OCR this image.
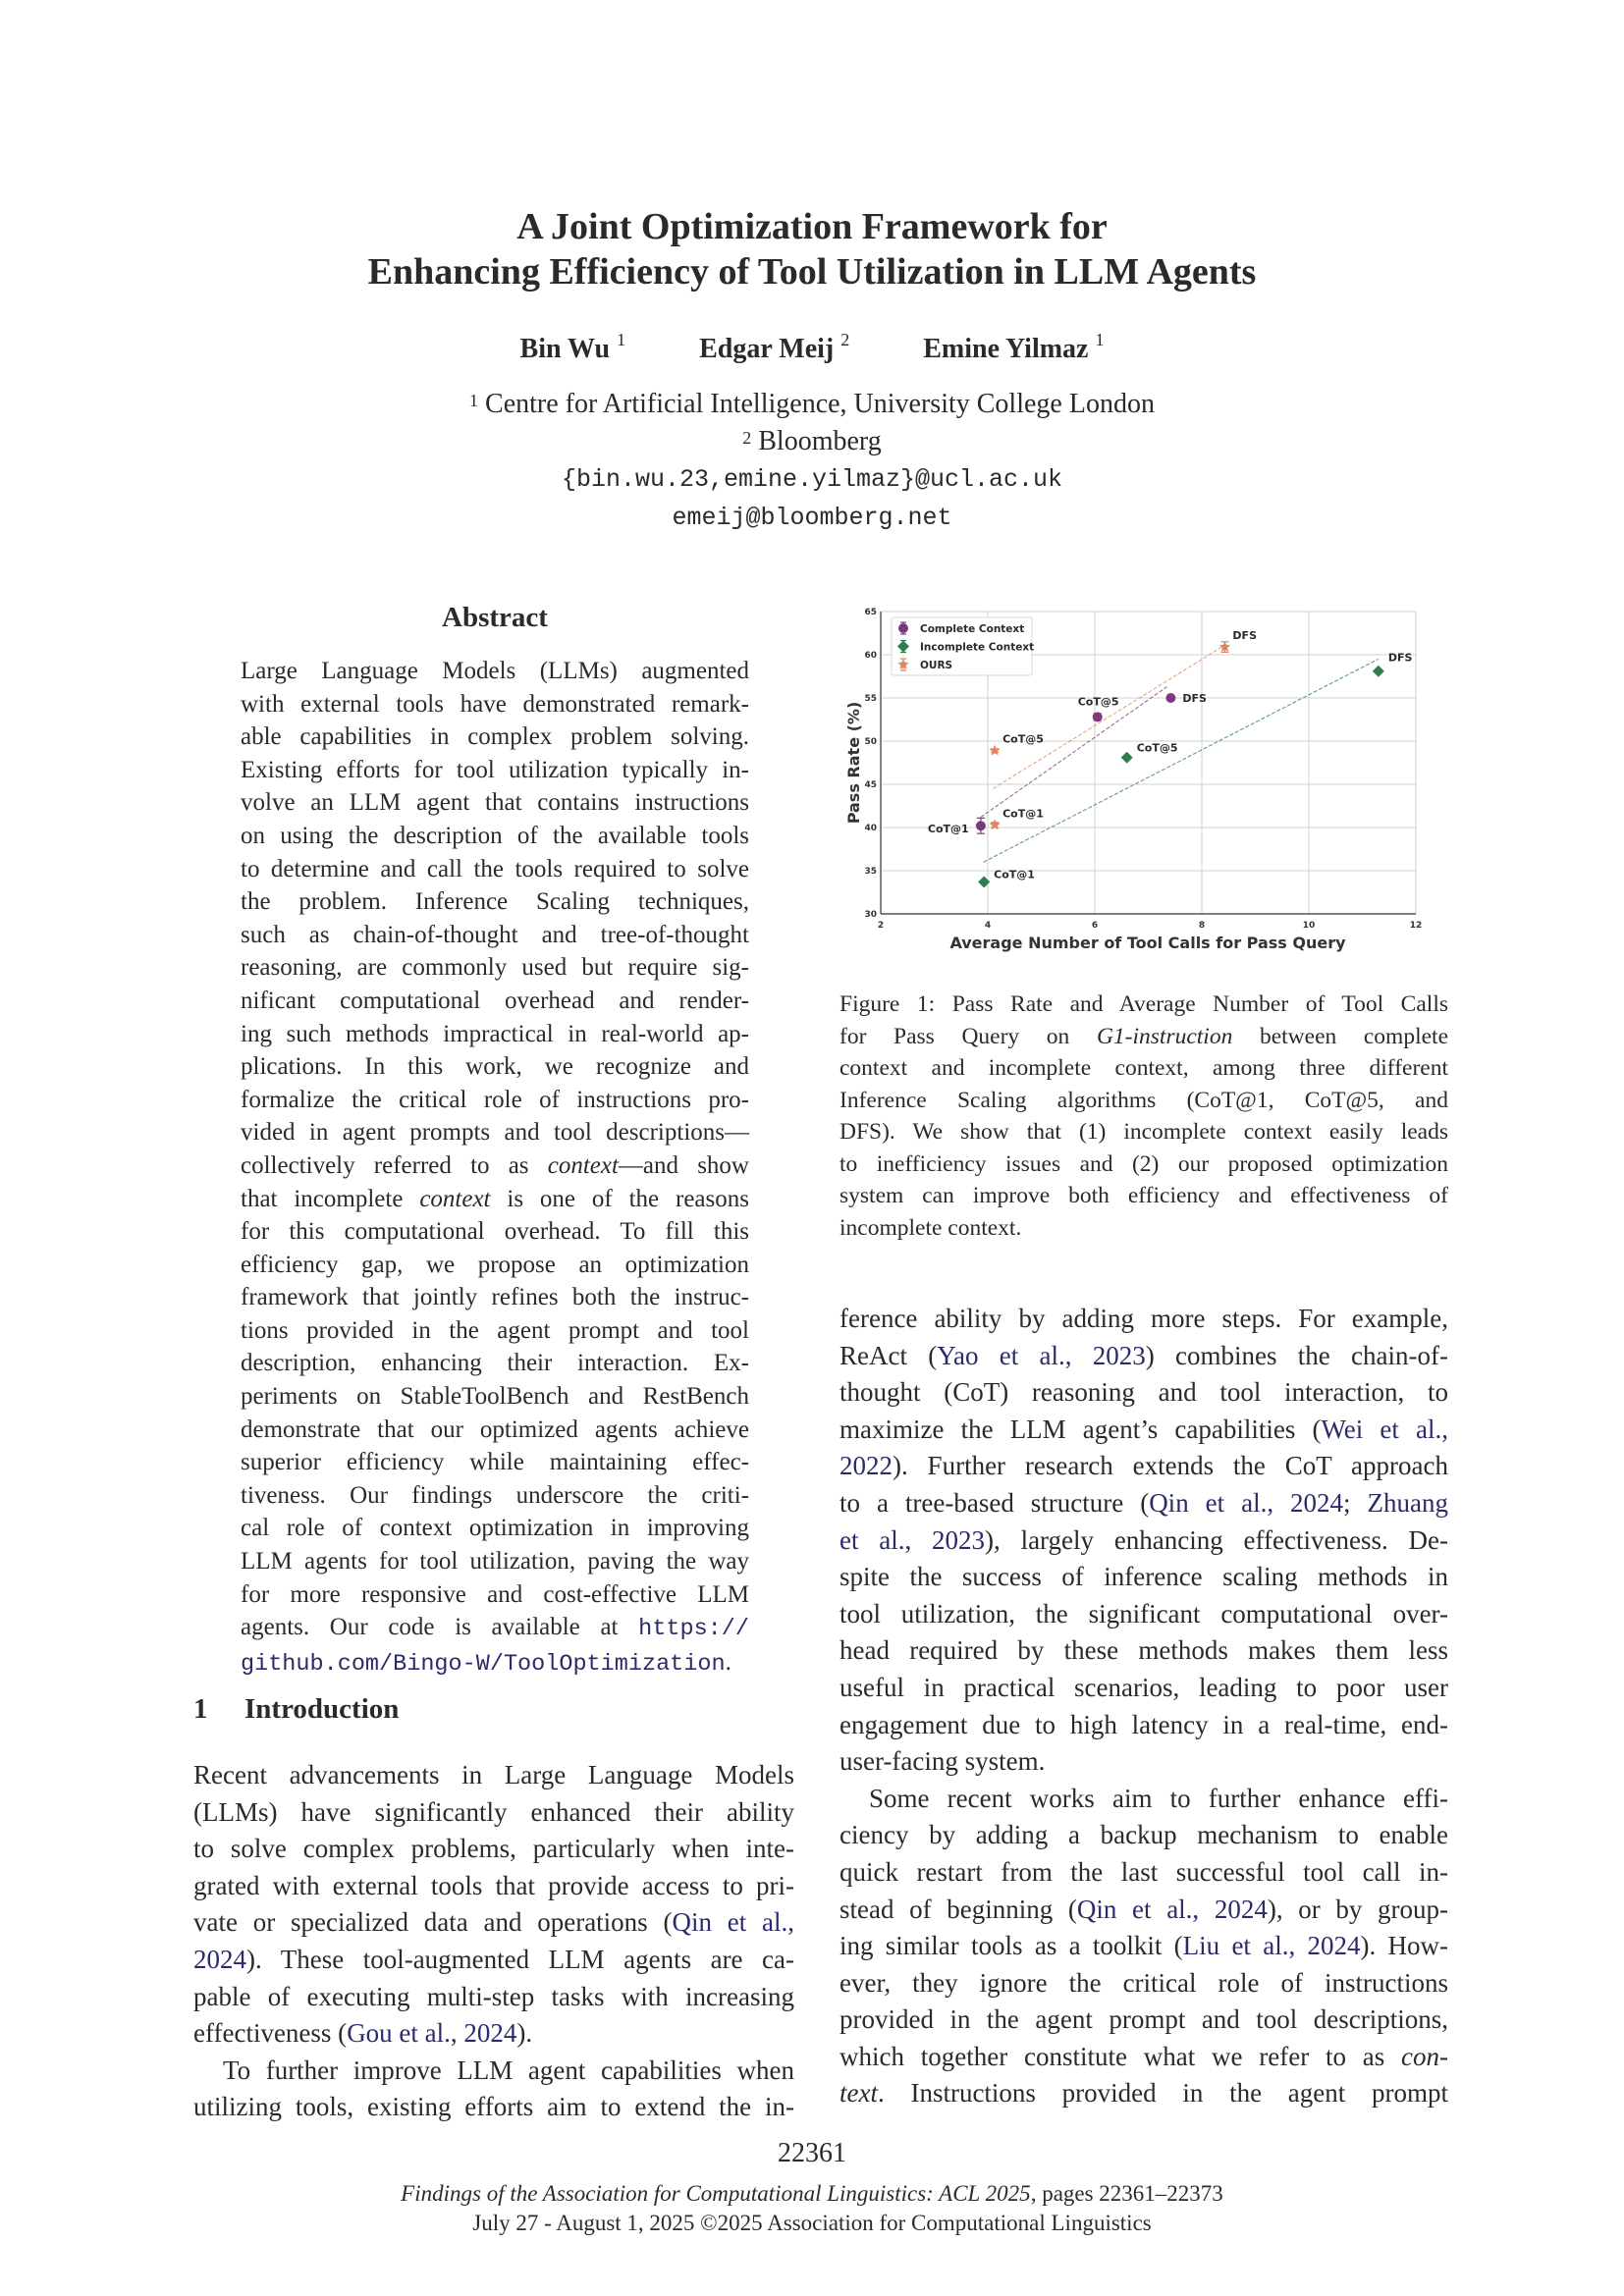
A Joint Optimization Framework for
Enhancing Efficiency of Tool Utilization in LLM Agents
Bin Wu $^1$	Edgar Meij $^2$	Emine Yilmaz $^1$
$^1$ Centre for Artificial Intelligence, University College London
$^2$ Bloomberg
{bin.wu.23,emine.yilmaz}@ucl.ac.uk
emeij@bloomberg.net
Abstract
Large Language Models (LLMs) augmented
with external tools have demonstrated remark-
able capabilities in complex problem solving.
Existing efforts for tool utilization typically in-
volve an LLM agent that contains instructions
on using the description of the available tools
to determine and call the tools required to solve
the problem. Inference Scaling techniques,
such as chain-of-thought and tree-of-thought
reasoning, are commonly used but require sig-
nificant computational overhead and render-
ing such methods impractical in real-world ap-
plications. In this work, we recognize and
formalize the critical role of instructions pro-
vided in agent prompts and tool descriptions—
collectively referred to as context—and show
that incomplete context is one of the reasons
for this computational overhead. To fill this
efficiency gap, we propose an optimization
framework that jointly refines both the instruc-
tions provided in the agent prompt and tool
description, enhancing their interaction. Ex-
periments on StableToolBench and RestBench
demonstrate that our optimized agents achieve
superior efficiency while maintaining effec-
tiveness. Our findings underscore the criti-
cal role of context optimization in improving
LLM agents for tool utilization, paving the way
for more responsive and cost-effective LLM
agents. Our code is available at https://
github.com/Bingo-W/ToolOptimization.
1 Introduction
Recent advancements in Large Language Models
(LLMs) have significantly enhanced their ability
to solve complex problems, particularly when inte-
grated with external tools that provide access to pri-
vate or specialized data and operations (Qin et al.,
2024). These tool-augmented LLM agents are ca-
pable of executing multi-step tasks with increasing
effectiveness (Gou et al., 2024).
To further improve LLM agent capabilities when
utilizing tools, existing efforts aim to extend the in-
2	4	6	8	10	12
30
35
40
45
50
55
60
65
CoT@1
CoT@5	DFS
CoT@1
CoT@5
DFS
CoT@1
CoT@5
DFS
Complete Context
Incomplete Context
OURS
Average Number of Tool Calls for Pass Query
Pass Rate (%)
Figure 1: Pass Rate and Average Number of Tool Calls
for Pass Query on G1-instruction between complete
context and incomplete context, among three different
Inference Scaling algorithms (CoT@1, CoT@5, and
DFS). We show that (1) incomplete context easily leads
to inefficiency issues and (2) our proposed optimization
system can improve both efficiency and effectiveness of
incomplete context.
ference ability by adding more steps. For example,
ReAct (Yao et al., 2023) combines the chain-of-
thought (CoT) reasoning and tool interaction, to
maximize the LLM agent’s capabilities (Wei et al.,
2022). Further research extends the CoT approach
to a tree-based structure (Qin et al., 2024; Zhuang
et al., 2023), largely enhancing effectiveness. De-
spite the success of inference scaling methods in
tool utilization, the significant computational over-
head required by these methods makes them less
useful in practical scenarios, leading to poor user
engagement due to high latency in a real-time, end-
user-facing system.
Some recent works aim to further enhance effi-
ciency by adding a backup mechanism to enable
quick restart from the last successful tool call in-
stead of beginning (Qin et al., 2024), or by group-
ing similar tools as a toolkit (Liu et al., 2024). How-
ever, they ignore the critical role of instructions
provided in the agent prompt and tool descriptions,
which together constitute what we refer to as con-
text. Instructions provided in the agent prompt
22361
Findings of the Association for Computational Linguistics: ACL 2025, pages 22361–22373
July 27 - August 1, 2025 ©2025 Association for Computational Linguistics
